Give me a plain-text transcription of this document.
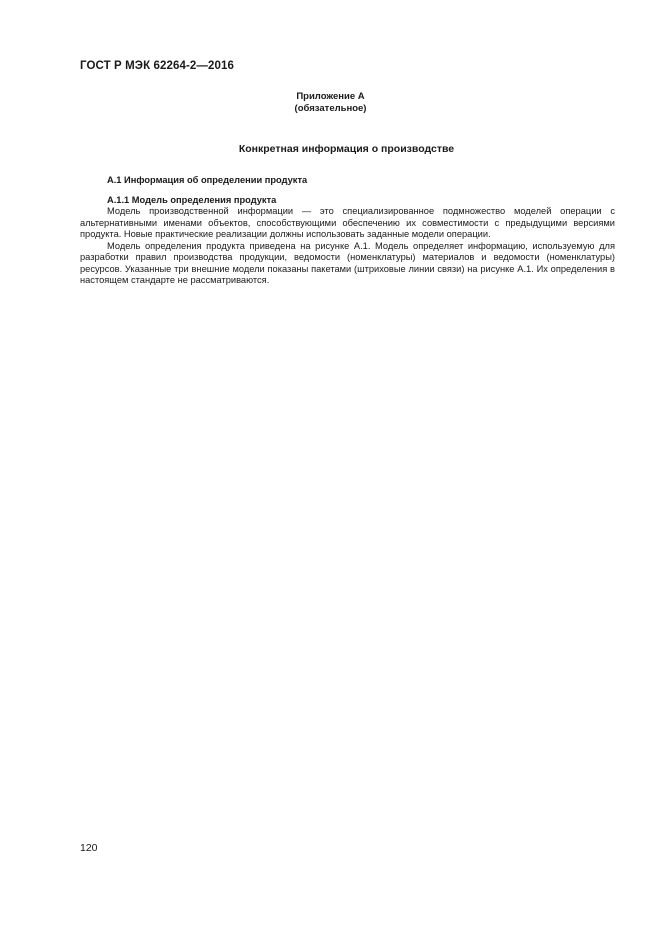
ГОСТ Р МЭК 62264-2—2016
Приложение А
(обязательное)
Конкретная информация о производстве
А.1 Информация об определении продукта
А.1.1 Модель определения продукта

Модель производственной информации — это специализированное подмножество моделей операции с альтернативными именами объектов, способствующими обеспечению их совместимости с предыдущими версиями продукта. Новые практические реализации должны использовать заданные модели операции.

Модель определения продукта приведена на рисунке А.1. Модель определяет информацию, используемую для разработки правил производства продукции, ведомости (номенклатуры) материалов и ведомости (номенклатуры) ресурсов. Указанные три внешние модели показаны пакетами (штриховые линии связи) на рисунке А.1. Их определения в настоящем стандарте не рассматриваются.

120
